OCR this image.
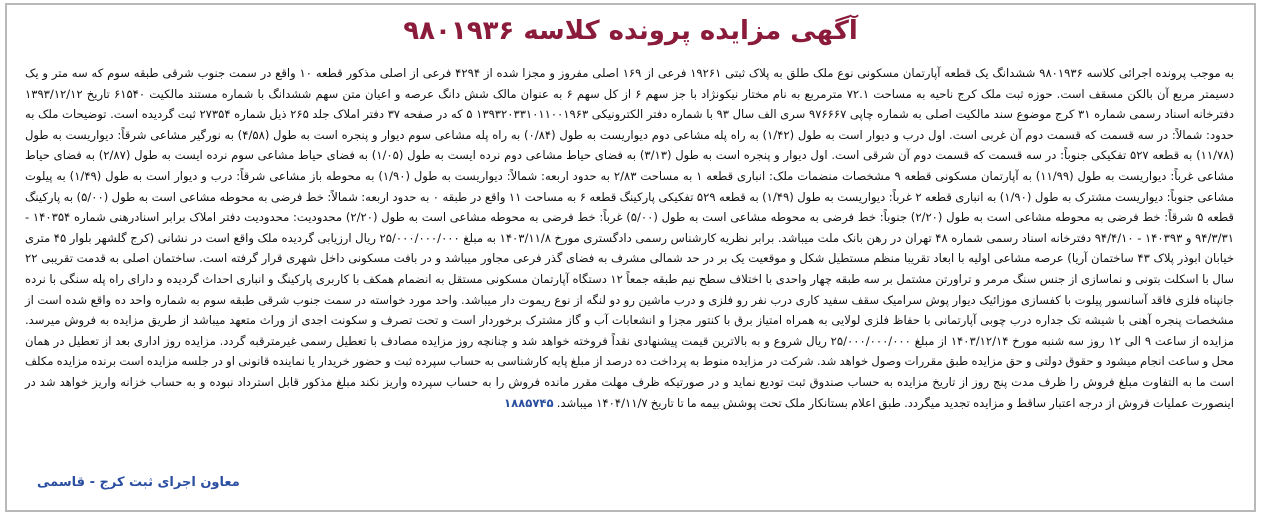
آگهی مزایده پرونده کلاسه ۹۸۰۱۹۳۶

به موجب پرونده اجرائی کلاسه ۹۸۰۱۹۳۶ ششدانگ یک قطعه آپارتمان مسکونی نوع ملک طلق به پلاک ثبتی ۱۹۲۶۱ فرعی از ۱۶۹ اصلی مفروز و مجزا شده از ۴۲۹۴ فرعی از اصلی مذکور قطعه ۱۰ واقع در سمت جنوب شرقی طبقه سوم که سه متر و یک دسیمتر مربع آن بالکن مسقف است. حوزه ثبت ملک کرج ناحیه به مساحت ۷۲.۱ مترمربع به نام مختار نیکونژاد با جز سهم ۶ از کل سهم ۶ به عنوان مالک شش دانگ عرصه و اعیان متن سهم ششدانگ با شماره مستند مالکیت ۶۱۵۴۰ تاریخ ۱۳۹۳/۱۲/۱۲ دفترخانه اسناد رسمی شماره ۳۱ کرج موضوع سند مالکیت اصلی به شماره چاپی ۹۷۶۶۶۷ سری الف سال ۹۳ با شماره دفتر الکترونیکی ۱۳۹۳۲۰۳۳۱۰۱۱۰۰۱۹۶۳ ۵ که در صفحه ۳۷ دفتر املاک جلد ۲۶۵ ذیل شماره ۲۷۳۵۴ ثبت گردیده است. توضیحات ملک به حدود: شمالاً: در سه قسمت که قسمت دوم آن غربی است. اول درب و دیوار است به طول (۱/۴۲) به راه پله مشاعی دوم دیواریست به طول (۰/۸۴) به راه پله مشاعی سوم دیوار و پنجره است به طول (۴/۵۸) به نورگیر مشاعی شرقاً: دیواریست به طول (۱۱/۷۸) به قطعه ۵۲۷ تفکیکی جنوباً: در سه قسمت که قسمت دوم آن شرقی است. اول دیوار و پنجره است به طول (۳/۱۳) به فضای حیاط مشاعی دوم نرده ایست به طول (۱/۰۵) به فضای حیاط مشاعی سوم نرده ایست به طول (۲/۸۷) به فضای حیاط مشاعی غرباً: دیواریست به طول (۱۱/۹۹) به آپارتمان مسکونی قطعه ۹ مشخصات منضمات ملک: انباری قطعه ۱ به مساحت ۲/۸۳ به حدود اربعه: شمالاً: دیواریست به طول (۱/۹۰) به محوطه باز مشاعی شرقاً: درب و دیوار است به طول (۱/۴۹) به پیلوت مشاعی جنوباً: دیواریست مشترک به طول (۱/۹۰) به انباری قطعه ۲ غرباً: دیواریست به طول (۱/۴۹) به قطعه ۵۲۹ تفکیکی پارکینگ قطعه ۶ به مساحت ۱۱ واقع در طبقه ۰ به حدود اربعه: شمالاً: خط فرضی به محوطه مشاعی است به طول (۵/۰۰) به پارکینگ قطعه ۵ شرقاً: خط فرضی به محوطه مشاعی است به طول (۲/۲۰) جنوباً: خط فرضی به محوطه مشاعی است به طول (۵/۰۰) غرباً: خط فرضی به محوطه مشاعی است به طول (۲/۲۰) محدودیت: محدودیت دفتر املاک برابر اسنادرهنی شماره ۱۴۰۳۵۴ - ۹۴/۳/۳۱ و ۱۴۰۳۹۳ - ۹۴/۴/۱۰ دفترخانه اسناد رسمی شماره ۴۸ تهران در رهن بانک ملت میباشد. برابر نظریه کارشناس رسمی دادگستری مورخ ۱۴۰۳/۱۱/۸ به مبلغ ۲۵/۰۰۰/۰۰۰/۰۰۰ ریال ارزیابی گردیده ملک واقع است در نشانی (کرج گلشهر بلوار ۴۵ متری خیابان ابوذر پلاک ۴۳ ساختمان آریا) عرصه مشاعی اولیه با ابعاد تقریبا منظم مستطیل شکل و موقعیت یک بر در حد شمالی مشرف به فضای گذر فرعی مجاور میباشد و در بافت مسکونی داخل شهری قرار گرفته است. ساختمان اصلی به قدمت تقریبی ۲۲ سال با اسکلت بتونی و نماسازی از جنس سنگ مرمر و تراورتن مشتمل بر سه طبقه چهار واحدی با اختلاف سطح نیم طبقه جمعاً ۱۲ دستگاه آپارتمان مسکونی مستقل به انضمام همکف با کاربری پارکینگ و انباری احداث گردیده و دارای راه پله سنگی با نرده جانپناه فلزی فاقد آسانسور پیلوت با کفسازی موزائیک دیوار پوش سرامیک سقف سفید کاری درب نفر رو فلزی و درب ماشین رو دو لنگه از نوع ریموت دار میباشد. واحد مورد خواسته در سمت جنوب شرقی طبقه سوم به شماره واحد ده واقع شده است از مشخصات پنجره آهنی با شیشه تک جداره درب چوبی آپارتمانی با حفاظ فلزی لولایی به همراه امتیاز برق با کنتور مجزا و انشعابات آب و گاز مشترک برخوردار است و تحت تصرف و سکونت اجدی از وراث متعهد میباشد از طریق مزایده به فروش میرسد. مزایده از ساعت ۹ الی ۱۲ روز سه شنبه مورخ ۱۴۰۳/۱۲/۱۴ از مبلغ ۲۵/۰۰۰/۰۰۰/۰۰۰ ریال شروع و به بالاترین قیمت پیشنهادی نقداً فروخته خواهد شد و چنانچه روز مزایده مصادف با تعطیل رسمی غیرمترقبه گردد. مزایده روز اداری بعد از تعطیل در همان محل و ساعت انجام میشود و حقوق دولتی و حق مزایده طبق مقررات وصول خواهد شد. شرکت در مزایده منوط به پرداخت ده درصد از مبلغ پایه کارشناسی به حساب سپرده ثبت و حضور خریدار یا نماینده قانونی او در جلسه مزایده است برنده مزایده مکلف است ما به التفاوت مبلغ فروش را ظرف مدت پنج روز از تاریخ مزایده به حساب صندوق ثبت تودیع نماید و در صورتیکه ظرف مهلت مقرر مانده فروش را به حساب سپرده واریز نکند مبلغ مذکور قابل استرداد نبوده و به حساب خزانه واریز خواهد شد در اینصورت عملیات فروش از درجه اعتبار ساقط و مزایده تجدید میگردد. طبق اعلام بستانکار ملک تحت پوشش بیمه ما تا تاریخ ۱۴۰۴/۱۱/۷ میباشد. ۱۸۸۵۷۴۵

معاون اجرای ثبت کرج - قاسمی
